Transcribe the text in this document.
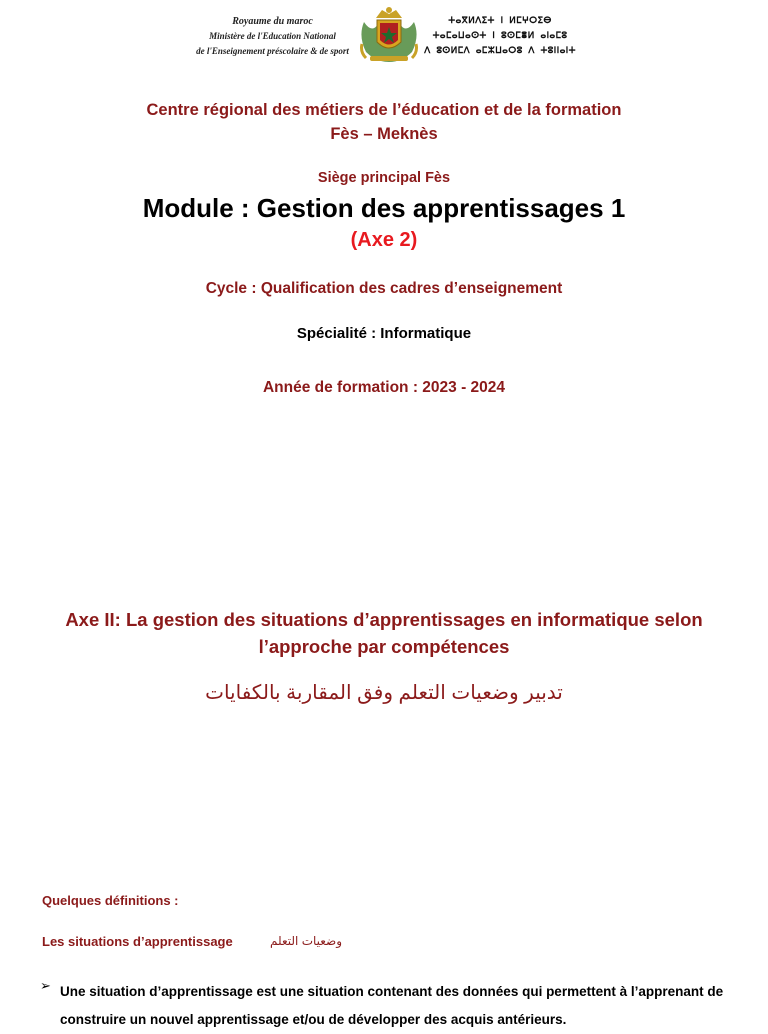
Royaume du maroc
Ministère de l'Education National
de l'Enseignement préscolaire & de sport
ⵜⴰⴳⵍⴷⵉⵜ ⵏ ⵍⵎⵖⵔⵉⴱ
ⵜⴰⵎⴰⵡⴰⵙⵜ ⵏ ⵓⵙⵎⴻⵍ ⴰⵏⴰⵎⵓ
ⴷ ⵓⵙⵍⵎⴷ ⴰⵎⵣⵡⴰⵔⵓ ⴷ ⵜⵓⵏⵏⴰⵏⵜ
Centre régional des métiers de l’éducation et de la formation
Fès – Meknès
Siège principal Fès
Module : Gestion des apprentissages 1
(Axe 2)
Cycle : Qualification des cadres d’enseignement
Spécialité : Informatique
Année de formation : 2023 - 2024
Axe II: La gestion des situations d’apprentissages en informatique selon
l’approche par compétences
تدبير وضعيات التعلم وفق المقاربة بالكفايات
Quelques définitions :
Les situations d’apprentissage	وضعيات التعلم
➢ Une situation d’apprentissage est une situation contenant des données qui permettent à l’apprenant de construire un nouvel apprentissage et/ou de développer des acquis antérieurs.
